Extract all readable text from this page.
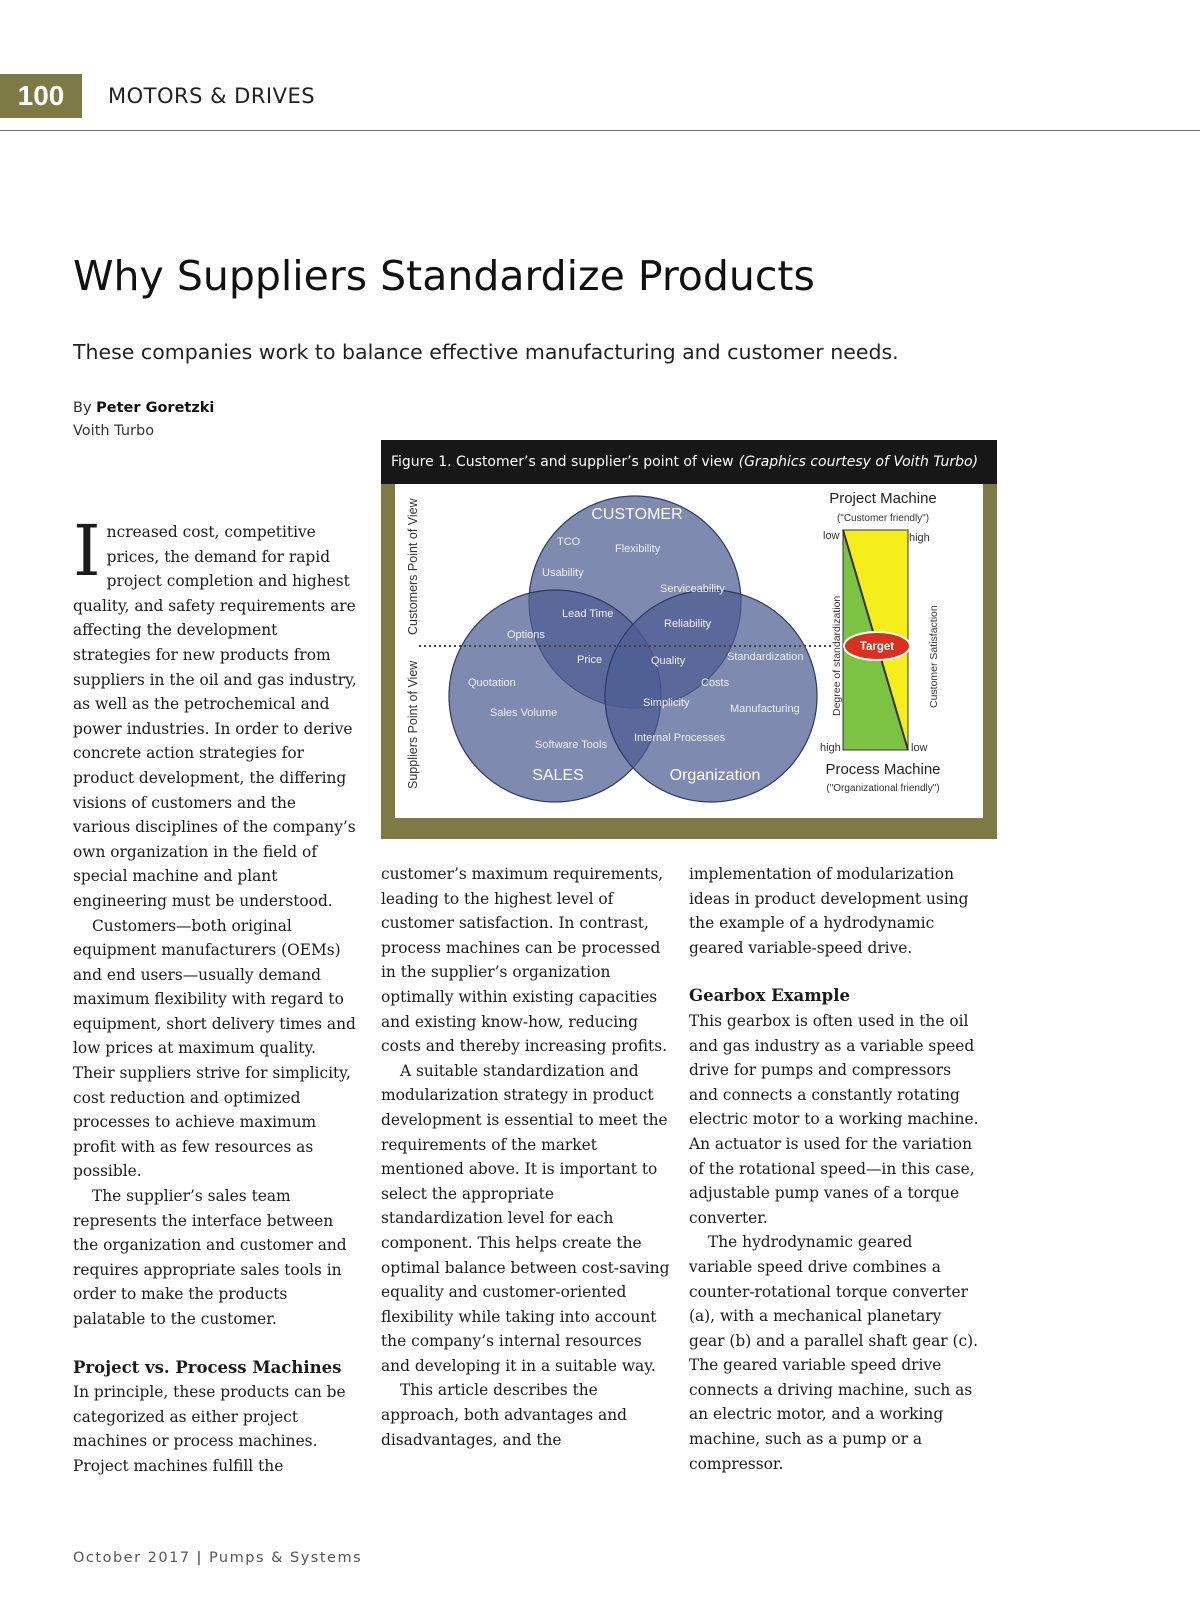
100	MOTORS & DRIVES
Why Suppliers Standardize Products

These companies work to balance effective manufacturing and customer needs.

By Peter Goretzki
Voith Turbo

Increased cost, competitive prices, the demand for rapid project completion and highest quality, and safety requirements are affecting the development strategies for new products from suppliers in the oil and gas industry, as well as the petrochemical and power industries. In order to derive concrete action strategies for product development, the differing visions of customers and the various disciplines of the company’s own organization in the field of special machine and plant engineering must be understood.

Customers—both original equipment manufacturers (OEMs) and end users—usually demand maximum flexibility with regard to equipment, short delivery times and low prices at maximum quality. Their suppliers strive for simplicity, cost reduction and optimized processes to achieve maximum profit with as few resources as possible.

The supplier’s sales team represents the interface between the organization and customer and requires appropriate sales tools in order to make the products palatable to the customer.

Project vs. Process Machines

In principle, these products can be categorized as either project machines or process machines. Project machines fulfill the

Figure 1. Customer’s and supplier’s point of view (Graphics courtesy of Voith Turbo)
Customers Point of View
Suppliers Point of View
CUSTOMER
SALES	Organization
TCO
Flexibility
Usability
Serviceability
Lead Time
Reliability
Options
Price	Quality	Standardization
Quotation	Costs
Simplicity
Sales Volume	Manufacturing
Software Tools
Internal Processes
Project Machine
("Customer friendly")
low	high
Degree of standardization	Customer Satisfaction
Target
high	low
Process Machine
("Organizational friendly")

customer’s maximum requirements, leading to the highest level of customer satisfaction. In contrast, process machines can be processed in the supplier’s organization optimally within existing capacities and existing know-how, reducing costs and thereby increasing profits.

A suitable standardization and modularization strategy in product development is essential to meet the requirements of the market mentioned above. It is important to select the appropriate standardization level for each component. This helps create the optimal balance between cost-saving equality and customer-oriented flexibility while taking into account the company’s internal resources and developing it in a suitable way.

This article describes the approach, both advantages and disadvantages, and the

implementation of modularization ideas in product development using the example of a hydrodynamic geared variable-speed drive.

Gearbox Example

This gearbox is often used in the oil and gas industry as a variable speed drive for pumps and compressors and connects a constantly rotating electric motor to a working machine. An actuator is used for the variation of the rotational speed—in this case, adjustable pump vanes of a torque converter.

The hydrodynamic geared variable speed drive combines a counter-rotational torque converter (a), with a mechanical planetary gear (b) and a parallel shaft gear (c). The geared variable speed drive connects a driving machine, such as an electric motor, and a working machine, such as a pump or a compressor.

October 2017 | Pumps & Systems
